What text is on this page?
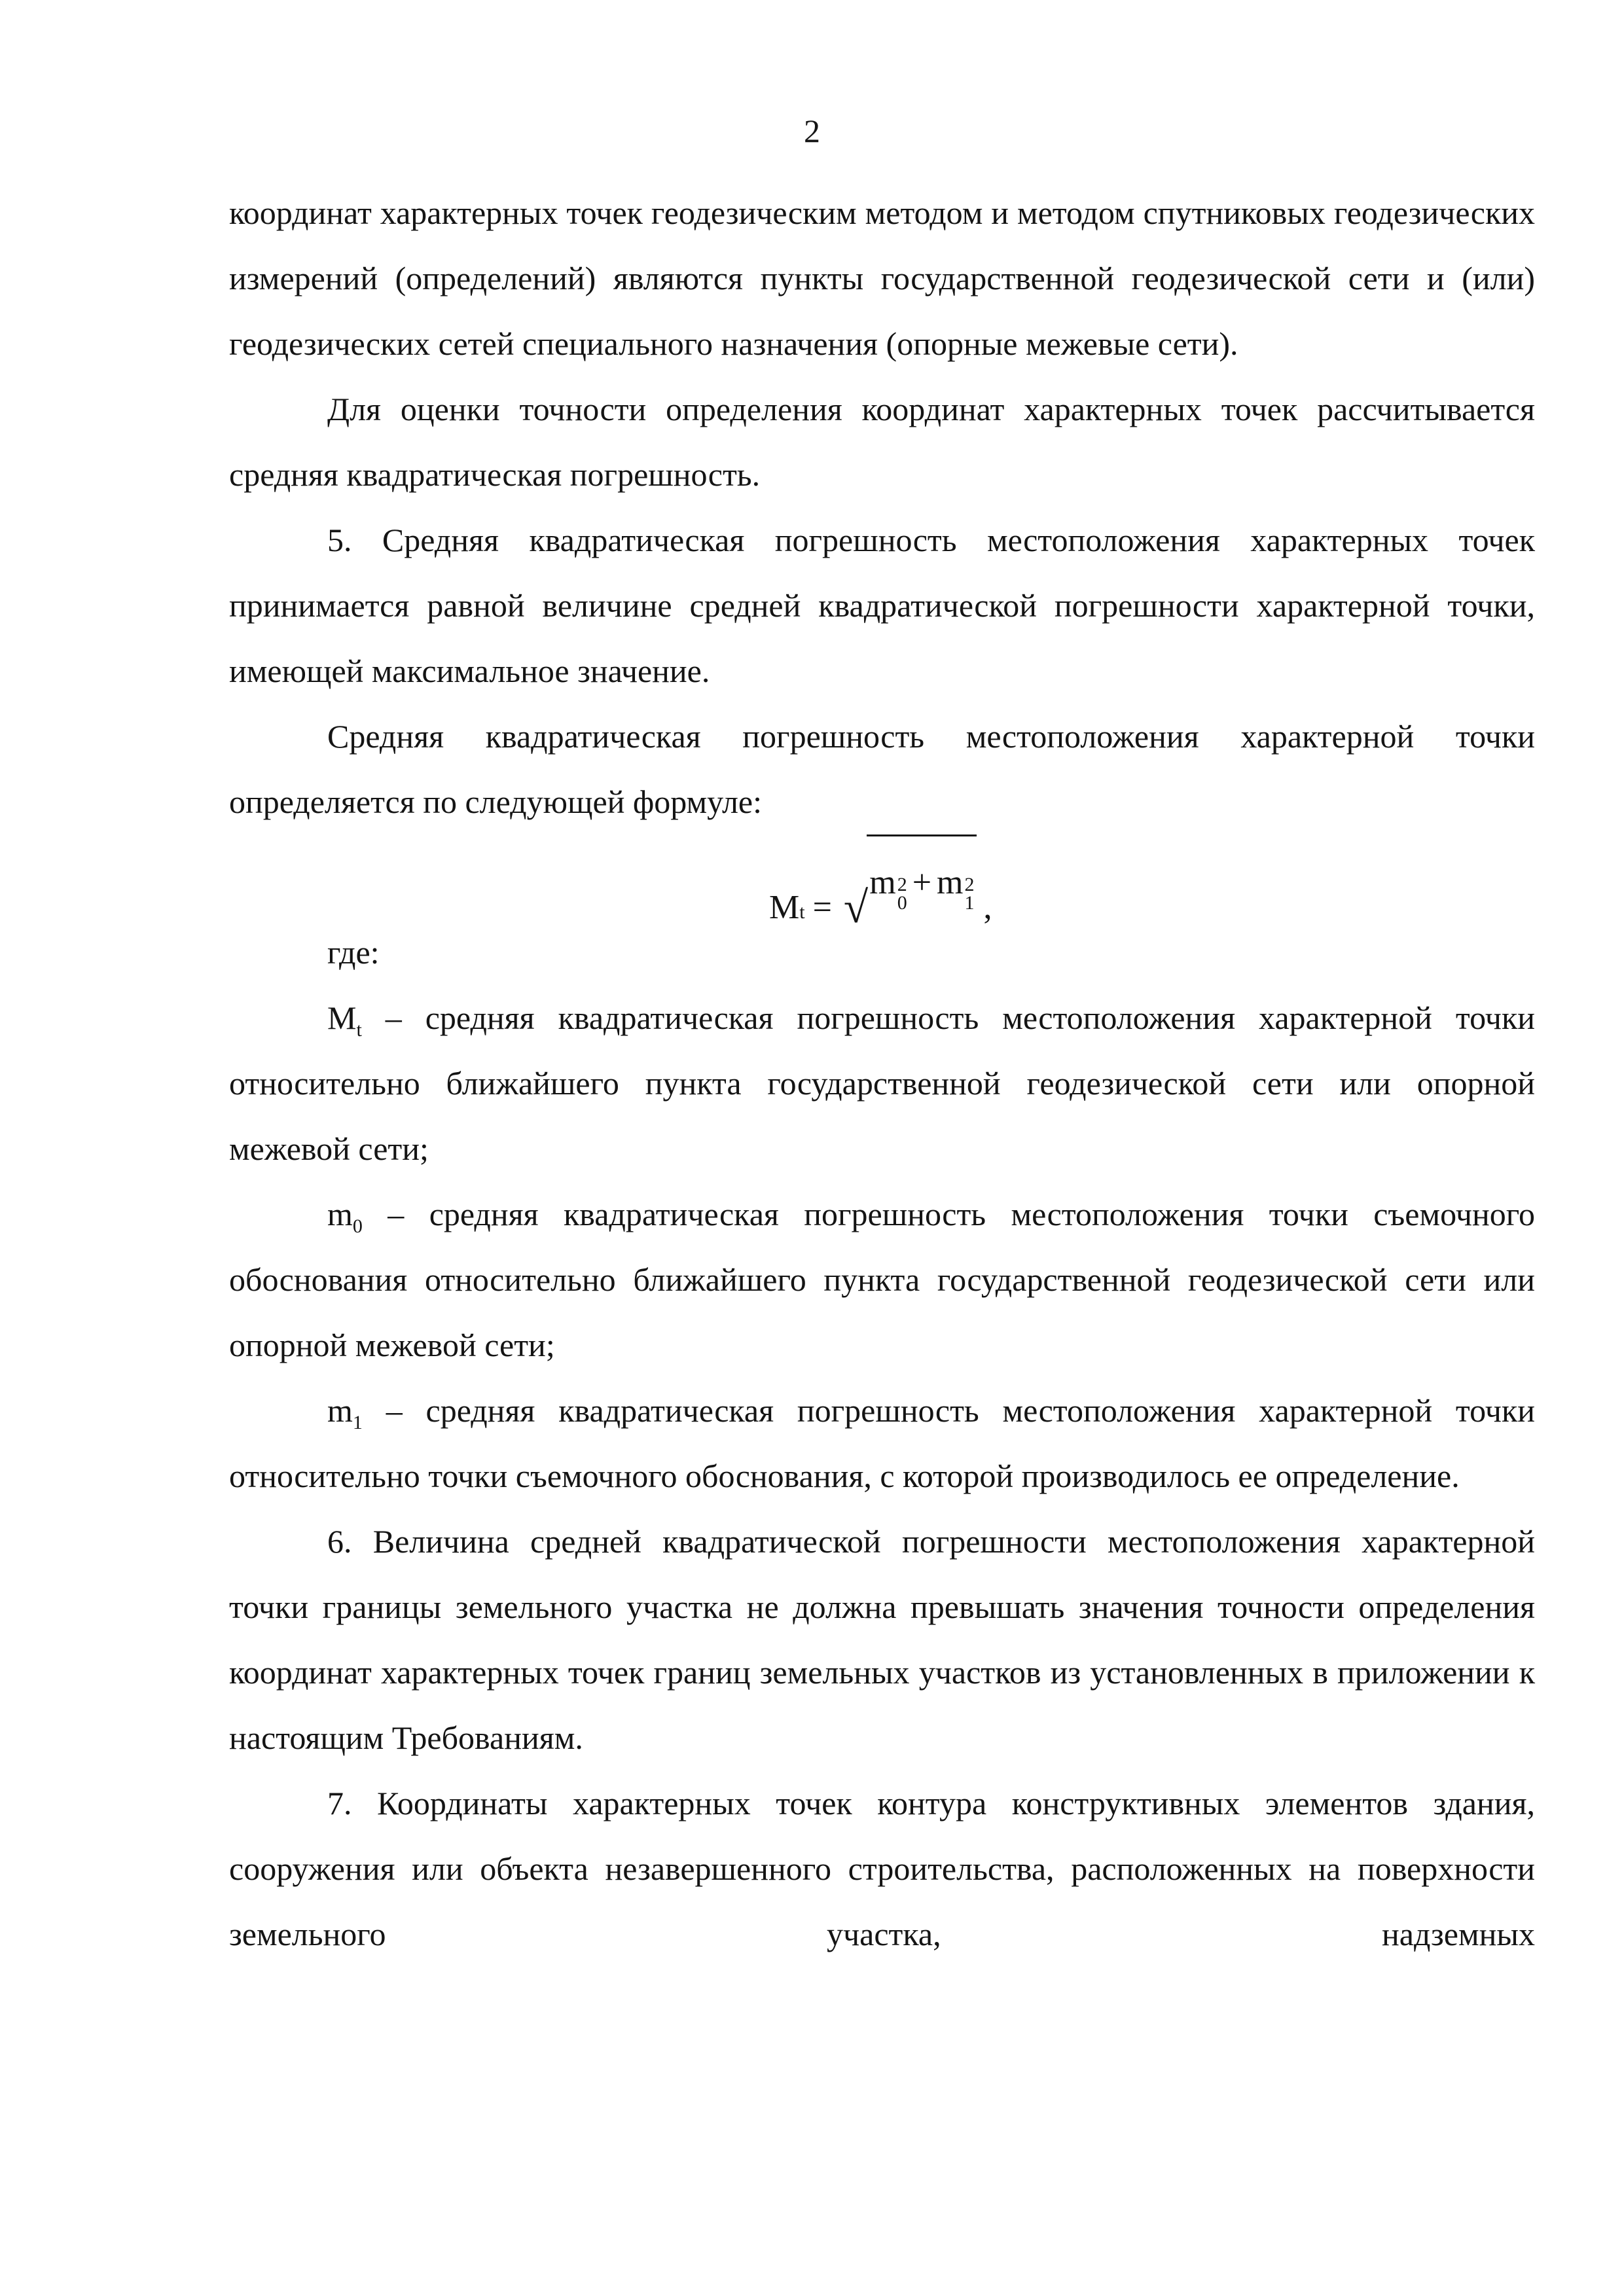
2

координат характерных точек геодезическим методом и методом спутниковых геодезических измерений (определений) являются пункты государственной геодезической сети и (или) геодезических сетей специального назначения (опорные межевые сети).

Для оценки точности определения координат характерных точек рассчитывается средняя квадратическая погрешность.

5. Средняя квадратическая погрешность местоположения характерных точек принимается равной величине средней квадратической погрешности характерной точки, имеющей максимальное значение.

Средняя квадратическая погрешность местоположения характерной точки определяется по следующей формуле:

M t = √ m 2
0
+ m 2
1 ,

где:

$M_t$ – средняя квадратическая погрешность местоположения характерной точки относительно ближайшего пункта государственной геодезической сети или опорной межевой сети;

$m_0$ – средняя квадратическая погрешность местоположения точки съемочного обоснования относительно ближайшего пункта государственной геодезической сети или опорной межевой сети;

$m_1$ – средняя квадратическая погрешность местоположения характерной точки относительно точки съемочного обоснования, с которой производилось ее определение.

6. Величина средней квадратической погрешности местоположения характерной точки границы земельного участка не должна превышать значения точности определения координат характерных точек границ земельных участков из установленных в приложении к настоящим Требованиям.

7. Координаты характерных точек контура конструктивных элементов здания, сооружения или объекта незавершенного строительства, расположенных на поверхности земельного участка, надземных
